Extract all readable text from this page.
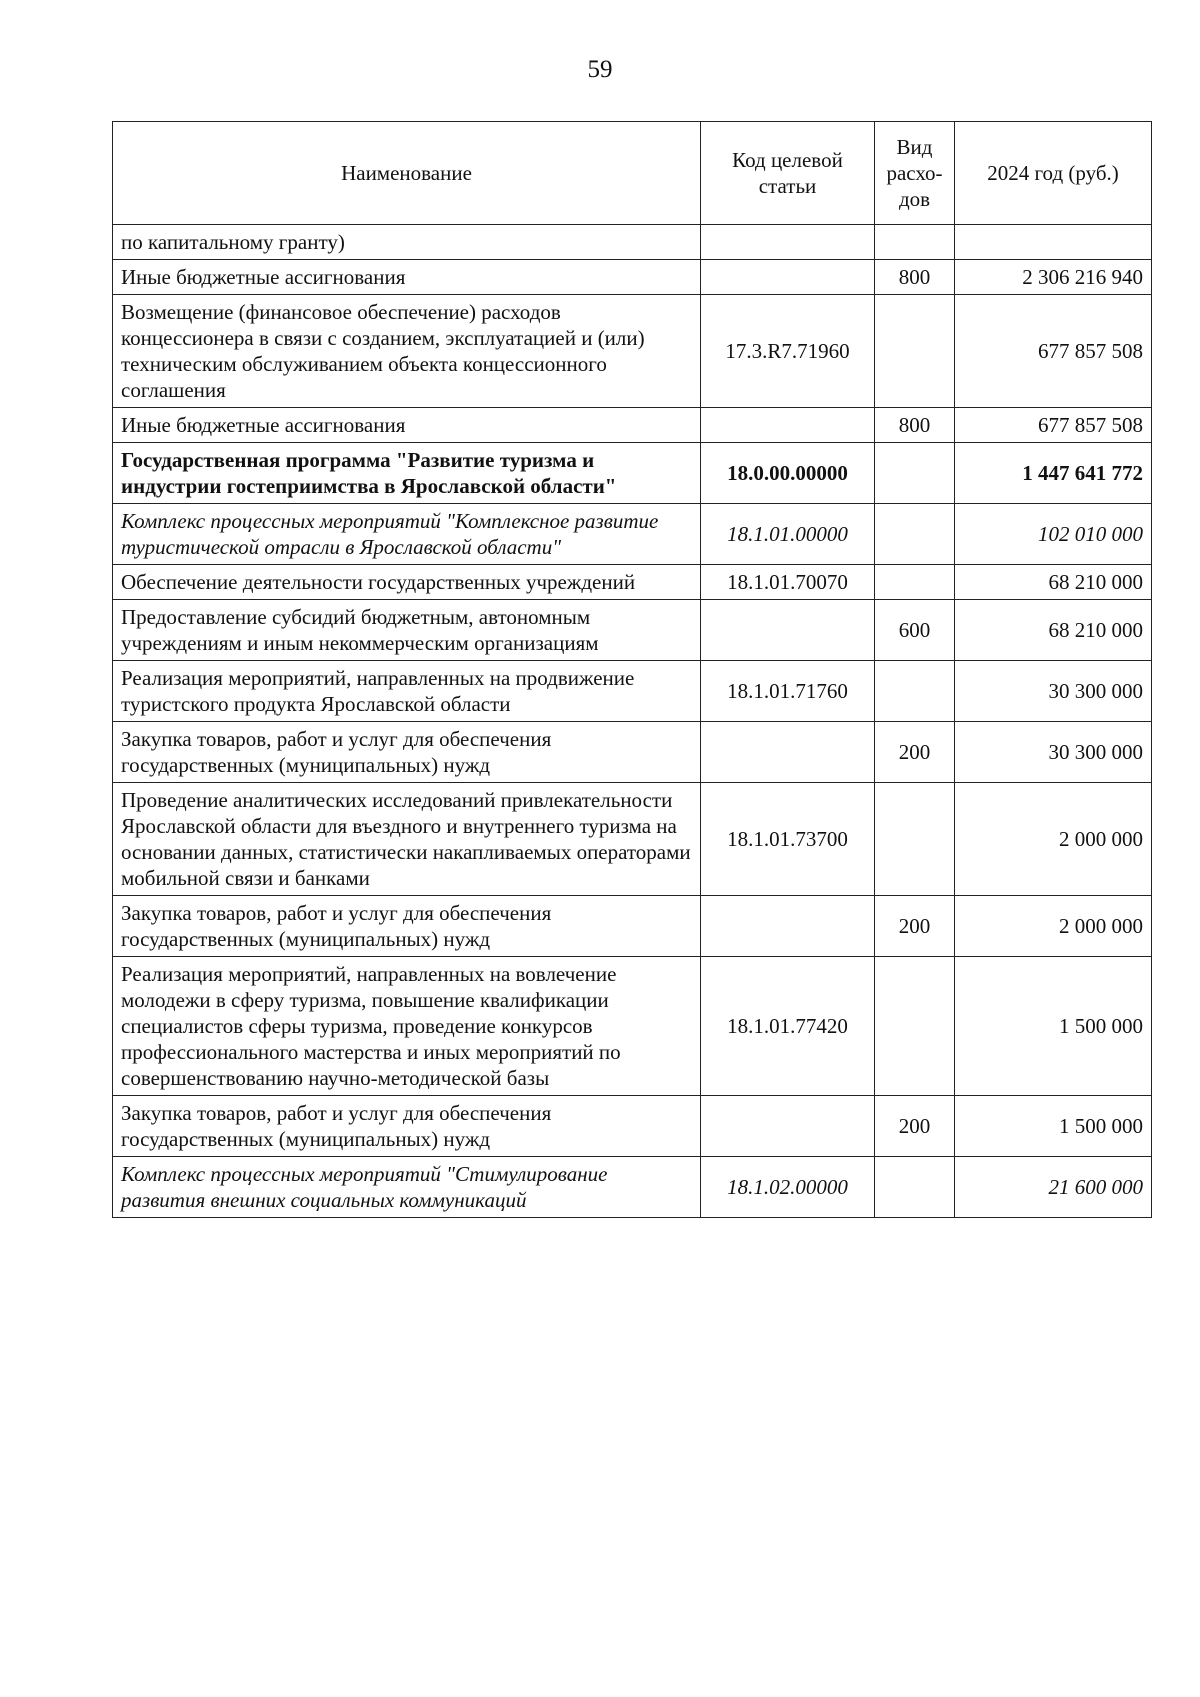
59
Наименование	Код целевой статьи	Вид расхо-дов	2024 год (руб.)
по капитальному гранту)			
Иные бюджетные ассигнования		800	2 306 216 940
Возмещение (финансовое обеспечение) расходов концессионера в связи с созданием, эксплуатацией и (или) техническим обслуживанием объекта концессионного соглашения	17.3.R7.71960		677 857 508
Иные бюджетные ассигнования		800	677 857 508
Государственная программа "Развитие туризма и индустрии гостеприимства в Ярославской области"	18.0.00.00000		1 447 641 772
Комплекс процессных мероприятий "Комплексное развитие туристической отрасли в Ярославской области"	18.1.01.00000		102 010 000
Обеспечение деятельности государственных учреждений	18.1.01.70070		68 210 000
Предоставление субсидий бюджетным, автономным учреждениям и иным некоммерческим организациям		600	68 210 000
Реализация мероприятий, направленных на продвижение туристского продукта Ярославской области	18.1.01.71760		30 300 000
Закупка товаров, работ и услуг для обеспечения государственных (муниципальных) нужд		200	30 300 000
Проведение аналитических исследований привлекательности Ярославской области для въездного и внутреннего туризма на основании данных, статистически накапливаемых операторами мобильной связи и банками	18.1.01.73700		2 000 000
Закупка товаров, работ и услуг для обеспечения государственных (муниципальных) нужд		200	2 000 000
Реализация мероприятий, направленных на вовлечение молодежи в сферу туризма, повышение квалификации специалистов сферы туризма, проведение конкурсов профессионального мастерства и иных мероприятий по совершенствованию научно-методической базы	18.1.01.77420		1 500 000
Закупка товаров, работ и услуг для обеспечения государственных (муниципальных) нужд		200	1 500 000
Комплекс процессных мероприятий "Стимулирование развития внешних социальных коммуникаций	18.1.02.00000		21 600 000
